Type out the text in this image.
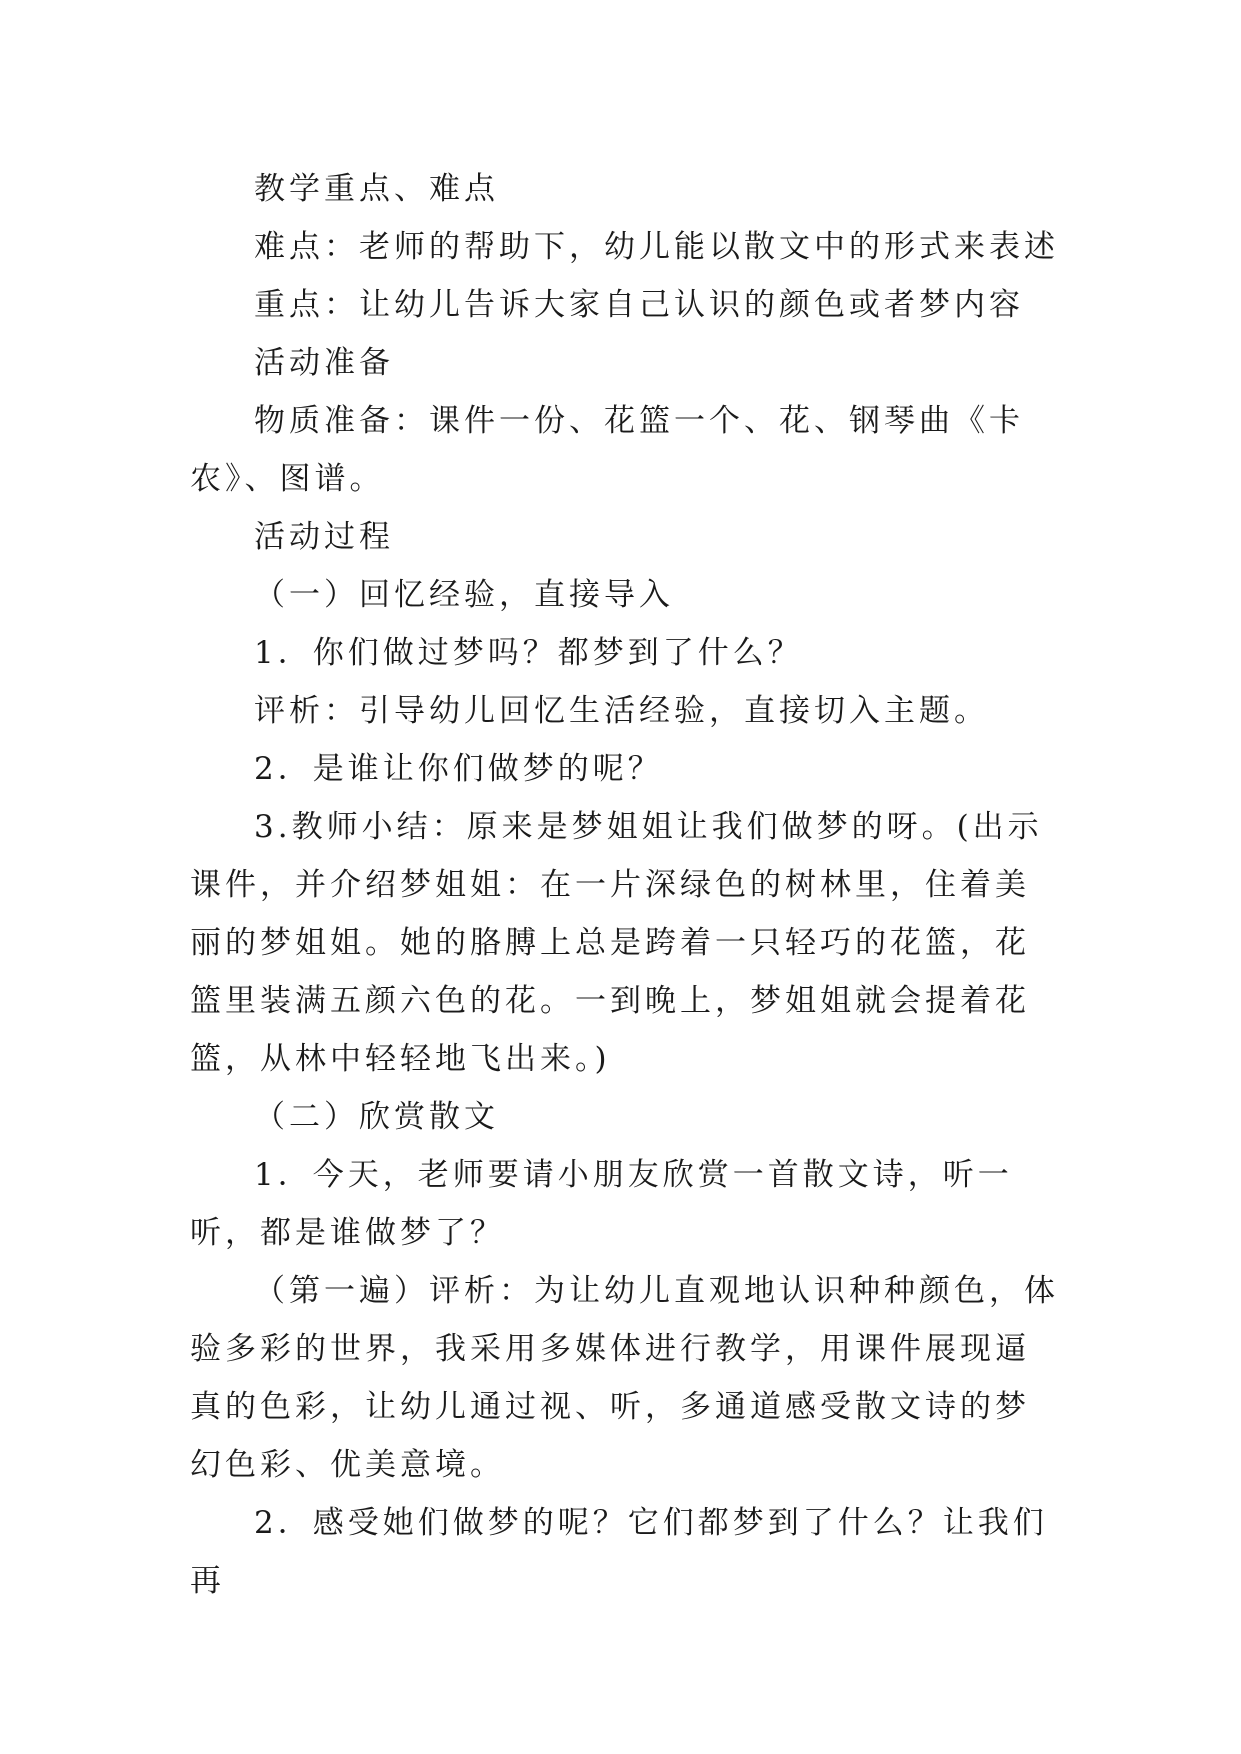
教学重点、难点

难点：老师的帮助下，幼儿能以散文中的形式来表述

重点：让幼儿告诉大家自己认识的颜色或者梦内容

活动准备

物质准备：课件一份、花篮一个、花、钢琴曲《卡农》、图谱。

活动过程

（一）回忆经验，直接导入

1．你们做过梦吗？都梦到了什么？

评析：引导幼儿回忆生活经验，直接切入主题。

2．是谁让你们做梦的呢？

3.教师小结：原来是梦姐姐让我们做梦的呀。(出示课件，并介绍梦姐姐：在一片深绿色的树林里，住着美丽的梦姐姐。她的胳膊上总是跨着一只轻巧的花篮，花篮里装满五颜六色的花。一到晚上，梦姐姐就会提着花篮，从林中轻轻地飞出来。)

（二）欣赏散文

1．今天，老师要请小朋友欣赏一首散文诗，听一听，都是谁做梦了？

（第一遍）评析：为让幼儿直观地认识种种颜色，体验多彩的世界，我采用多媒体进行教学，用课件展现逼真的色彩，让幼儿通过视、听，多通道感受散文诗的梦幻色彩、优美意境。

2．感受她们做梦的呢？它们都梦到了什么？让我们再
